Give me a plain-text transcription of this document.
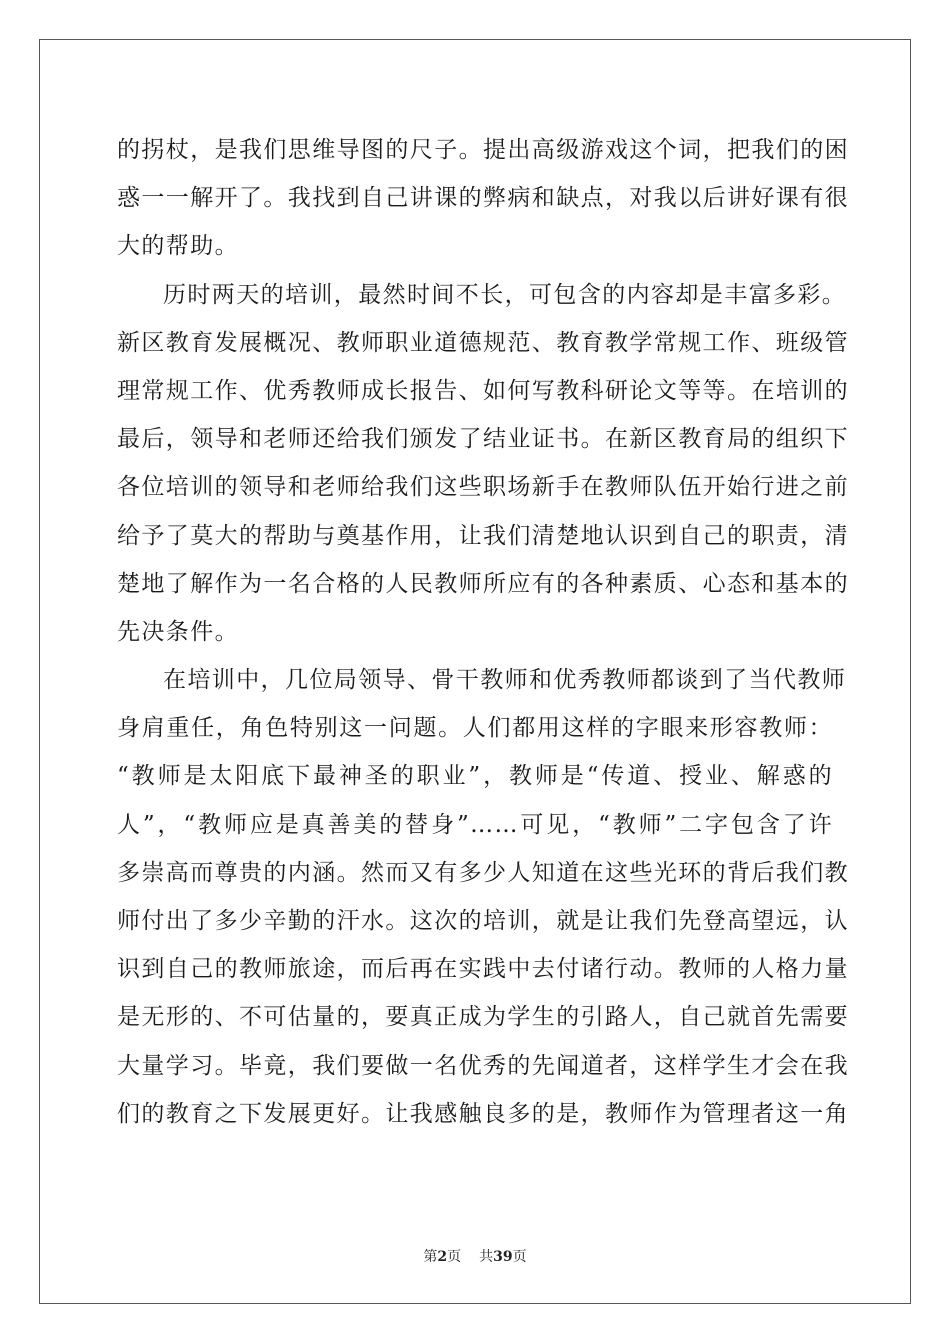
的拐杖，是我们思维导图的尺子。提出高级游戏这个词，把我们的困
惑一一解开了。我找到自己讲课的弊病和缺点，对我以后讲好课有很
大的帮助。
历时两天的培训，最然时间不长，可包含的内容却是丰富多彩。
新区教育发展概况、教师职业道德规范、教育教学常规工作、班级管
理常规工作、优秀教师成长报告、如何写教科研论文等等。在培训的
最后，领导和老师还给我们颁发了结业证书。在新区教育局的组织下
各位培训的领导和老师给我们这些职场新手在教师队伍开始行进之前
给予了莫大的帮助与奠基作用，让我们清楚地认识到自己的职责，清
楚地了解作为一名合格的人民教师所应有的各种素质、心态和基本的
先决条件。
在培训中，几位局领导、骨干教师和优秀教师都谈到了当代教师
身肩重任，角色特别这一问题。人们都用这样的字眼来形容教师：
“教师是太阳底下最神圣的职业”，教师是“传道、授业、解惑的
人”，“教师应是真善美的替身”……可见，“教师”二字包含了许
多崇高而尊贵的内涵。然而又有多少人知道在这些光环的背后我们教
师付出了多少辛勤的汗水。这次的培训，就是让我们先登高望远，认
识到自己的教师旅途，而后再在实践中去付诸行动。教师的人格力量
是无形的、不可估量的，要真正成为学生的引路人，自己就首先需要
大量学习。毕竟，我们要做一名优秀的先闻道者，这样学生才会在我
们的教育之下发展更好。让我感触良多的是，教师作为管理者这一角
第2页 共39页
